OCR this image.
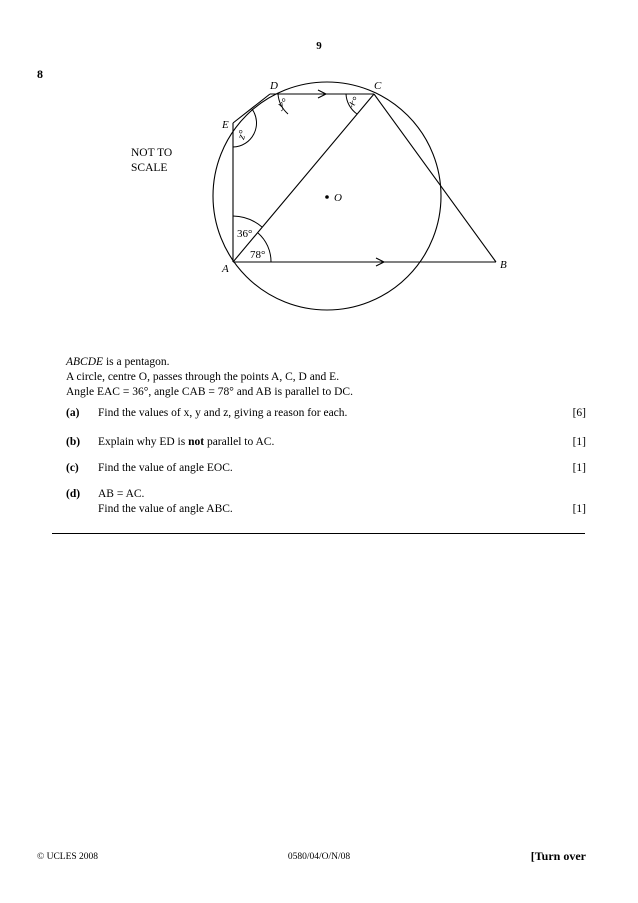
9
8
NOT TO
SCALE
D	C
E
A	B
O
y°	x°
z°
36°
78°
ABCDE is a pentagon.
A circle, centre O, passes through the points A, C, D and E.
Angle EAC = 36°, angle CAB = 78° and AB is parallel to DC.
(a) Find the values of x, y and z, giving a reason for each.	[6]
(b) Explain why ED is not parallel to AC.	[1]
(c) Find the value of angle EOC.	[1]
(d) AB = AC.
Find the value of angle ABC.	[1]
© UCLES 2008	0580/04/O/N/08	[Turn over
